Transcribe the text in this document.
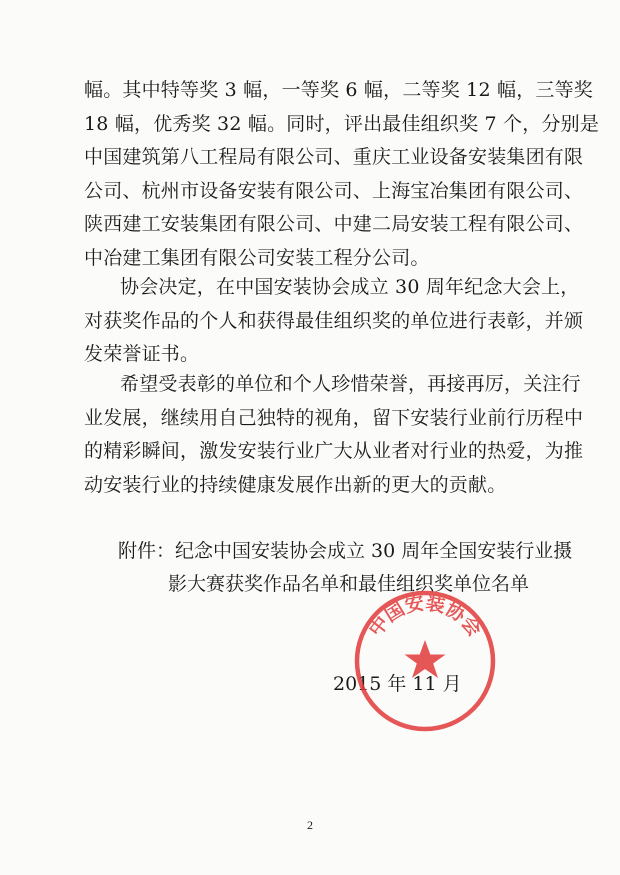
幅。其中特等奖 3 幅，一等奖 6 幅，二等奖 12 幅，三等奖
18 幅，优秀奖 32 幅。同时，评出最佳组织奖 7 个，分别是
中国建筑第八工程局有限公司、重庆工业设备安装集团有限
公司、杭州市设备安装有限公司、上海宝冶集团有限公司、
陕西建工安装集团有限公司、中建二局安装工程有限公司、
中冶建工集团有限公司安装工程分公司。

协会决定，在中国安装协会成立 30 周年纪念大会上，
对获奖作品的个人和获得最佳组织奖的单位进行表彰，并颁
发荣誉证书。

希望受表彰的单位和个人珍惜荣誉，再接再厉，关注行
业发展，继续用自己独特的视角，留下安装行业前行历程中
的精彩瞬间，激发安装行业广大从业者对行业的热爱，为推
动安装行业的持续健康发展作出新的更大的贡献。

附件：纪念中国安装协会成立 30 周年全国安装行业摄
影大赛获奖作品名单和最佳组织奖单位名单
2015 年 11 月
中国安装协会
2
